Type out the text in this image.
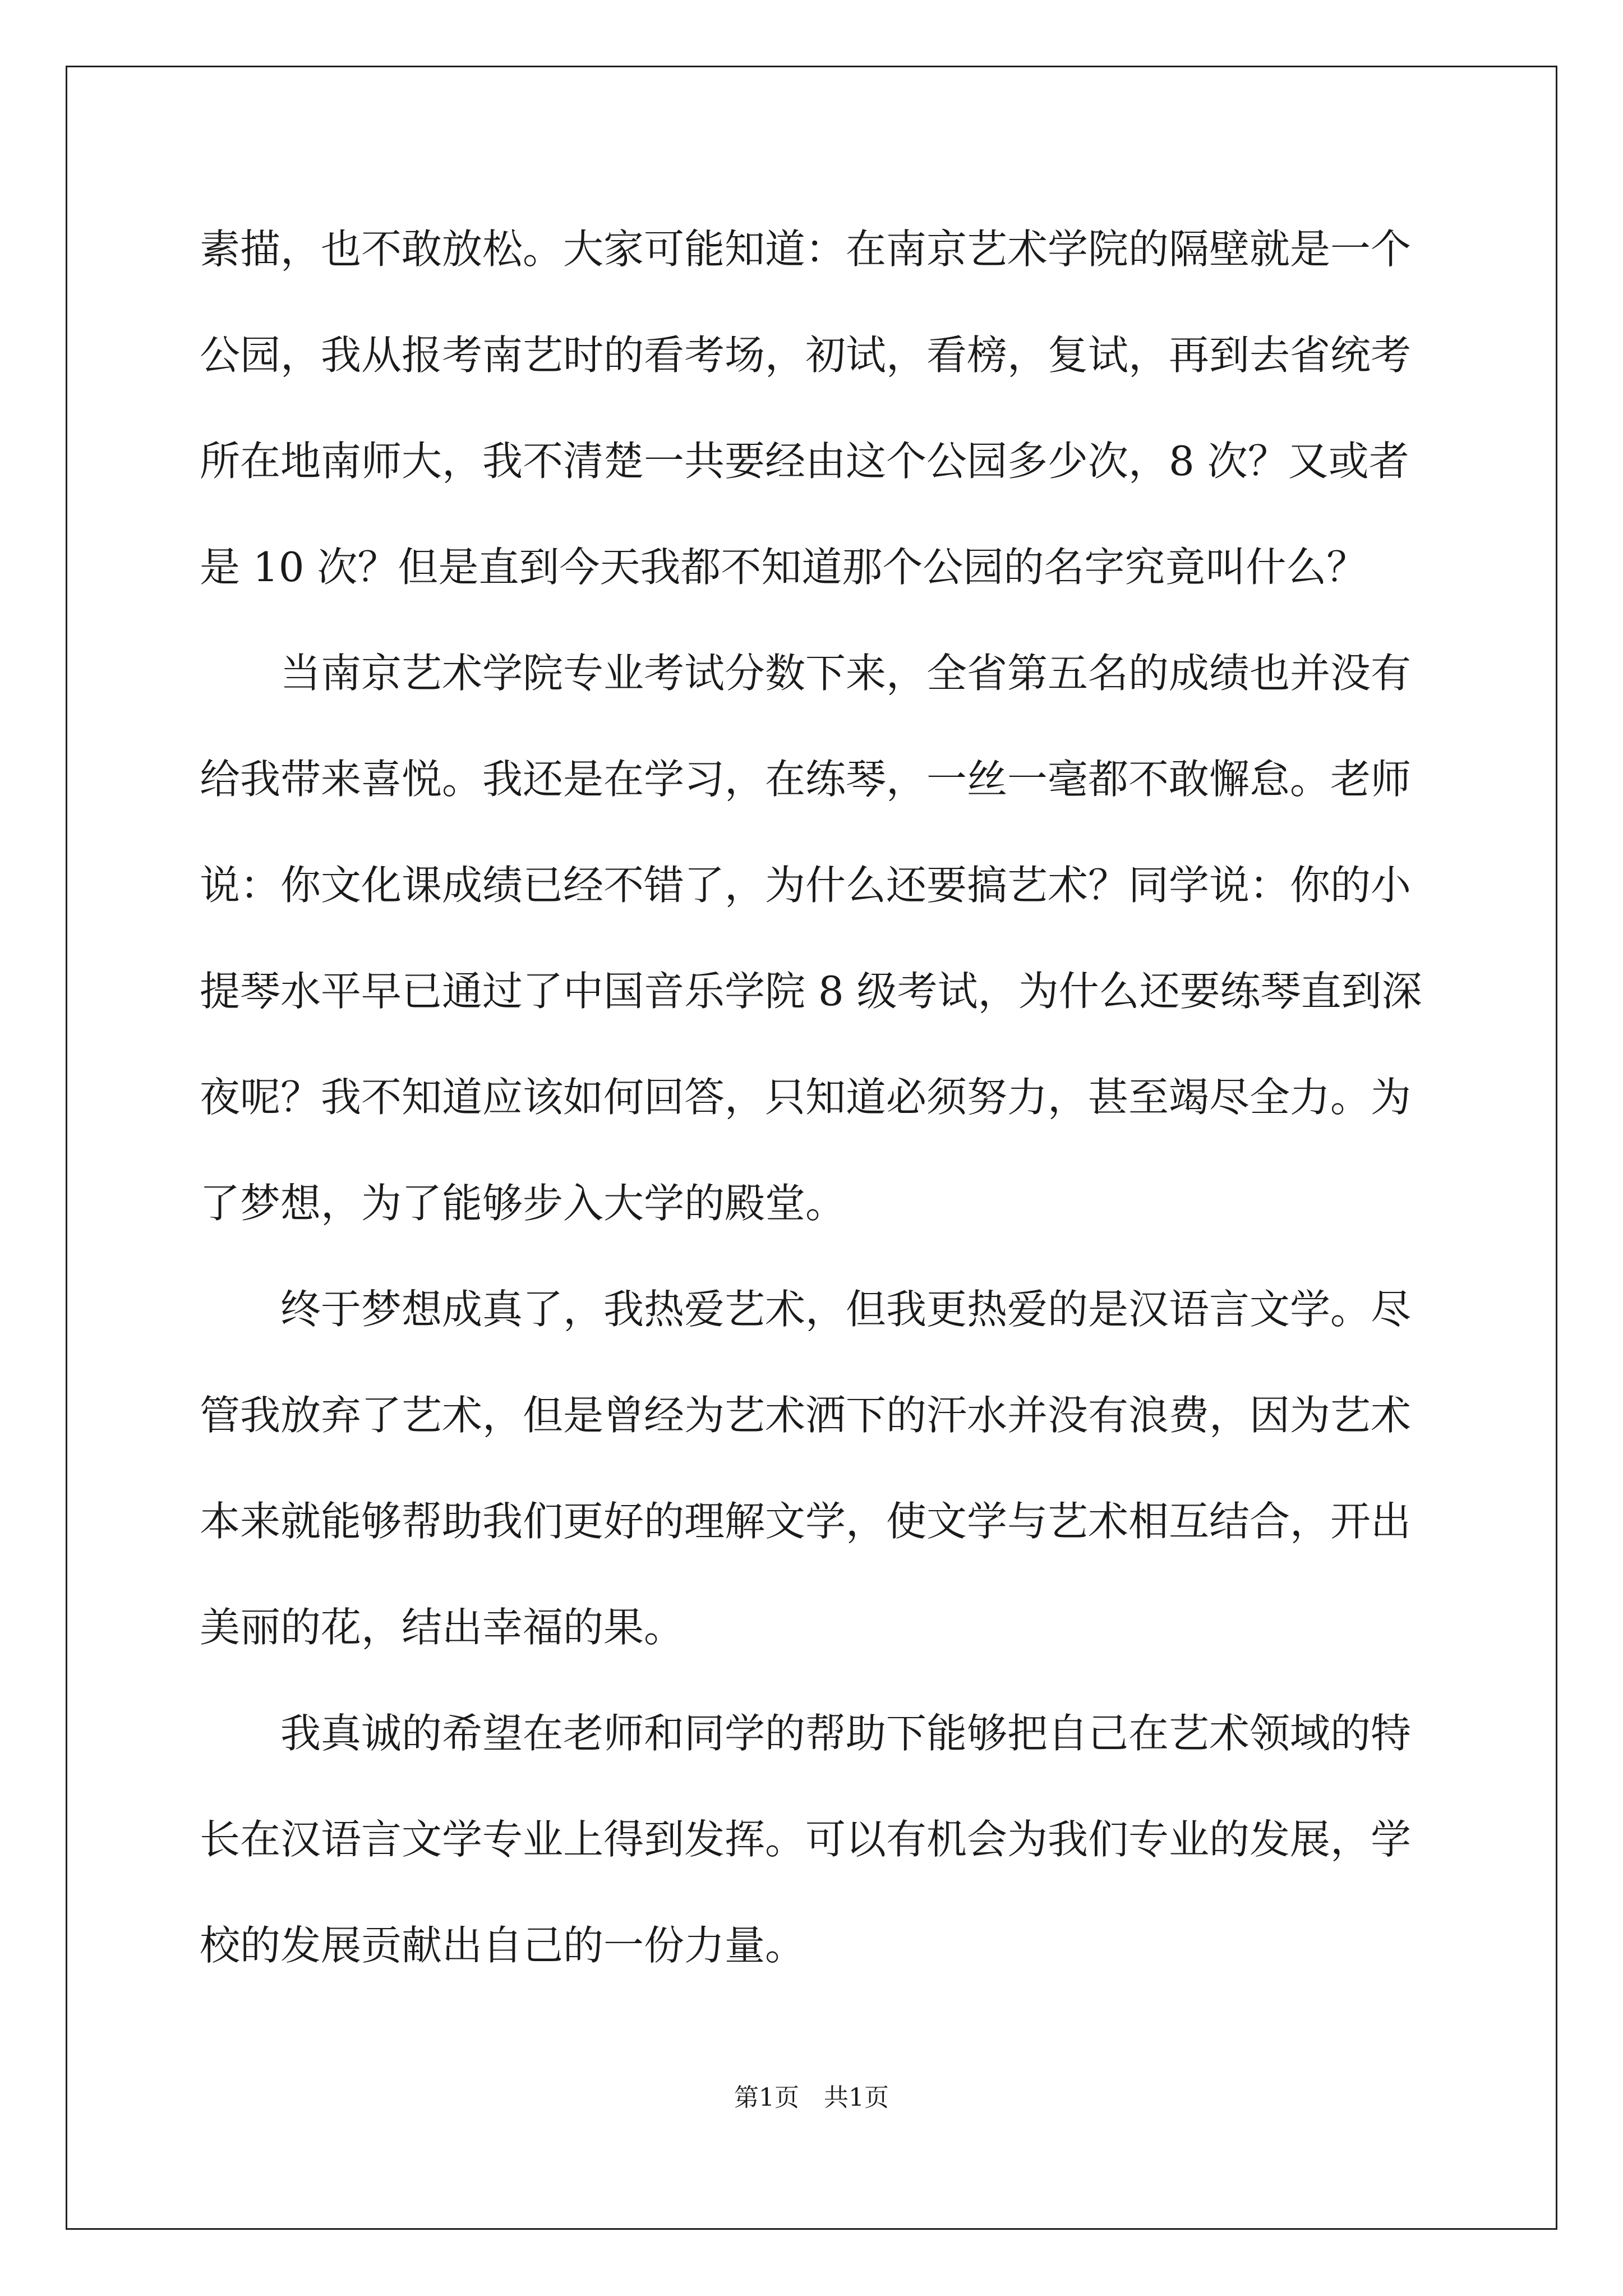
素描，也不敢放松。大家可能知道：在南京艺术学院的隔壁就是一个
公园，我从报考南艺时的看考场，初试，看榜，复试，再到去省统考
所在地南师大，我不清楚一共要经由这个公园多少次，8 次？又或者
是 10 次？但是直到今天我都不知道那个公园的名字究竟叫什么？
　　当南京艺术学院专业考试分数下来，全省第五名的成绩也并没有
给我带来喜悦。我还是在学习，在练琴，一丝一毫都不敢懈怠。老师
说：你文化课成绩已经不错了，为什么还要搞艺术？同学说：你的小
提琴水平早已通过了中国音乐学院 8 级考试，为什么还要练琴直到深
夜呢？我不知道应该如何回答，只知道必须努力，甚至竭尽全力。为
了梦想，为了能够步入大学的殿堂。
　　终于梦想成真了，我热爱艺术，但我更热爱的是汉语言文学。尽
管我放弃了艺术，但是曾经为艺术洒下的汗水并没有浪费，因为艺术
本来就能够帮助我们更好的理解文学，使文学与艺术相互结合，开出
美丽的花，结出幸福的果。
　　我真诚的希望在老师和同学的帮助下能够把自己在艺术领域的特
长在汉语言文学专业上得到发挥。可以有机会为我们专业的发展，学
校的发展贡献出自己的一份力量。
第1页　共1页
